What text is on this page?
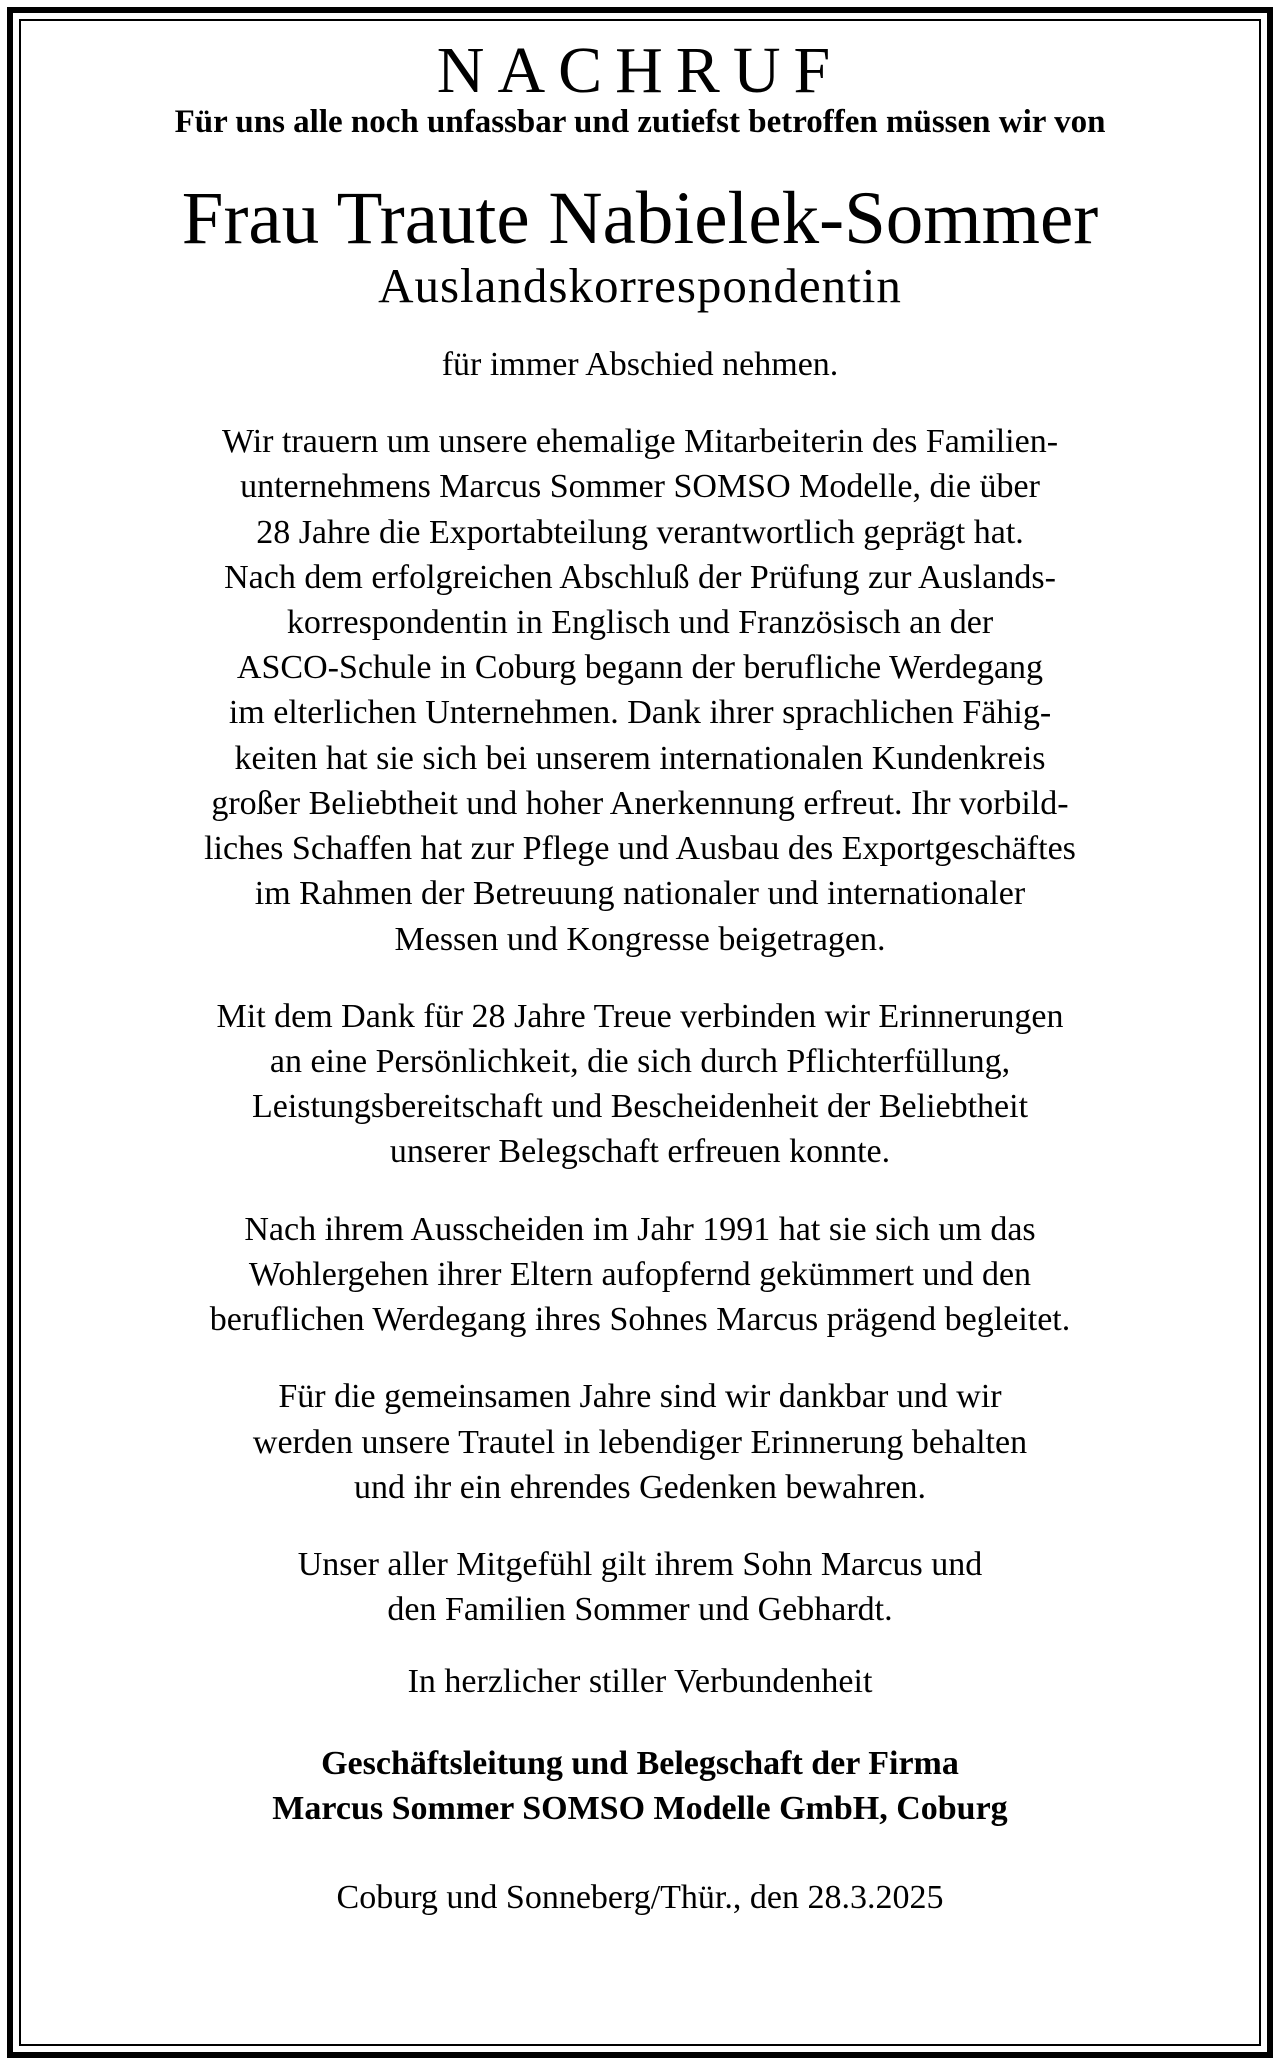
NACHRUF

Für uns alle noch unfassbar und zutiefst betroffen müssen wir von

Frau Traute Nabielek-Sommer

Auslandskorrespondentin

für immer Abschied nehmen.

Wir trauern um unsere ehemalige Mitarbeiterin des Familien-
unternehmens Marcus Sommer SOMSO Modelle, die über
28 Jahre die Exportabteilung verantwortlich geprägt hat.
Nach dem erfolgreichen Abschluß der Prüfung zur Auslands-
korrespondentin in Englisch und Französisch an der
ASCO-Schule in Coburg begann der berufliche Werdegang
im elterlichen Unternehmen. Dank ihrer sprachlichen Fähig-
keiten hat sie sich bei unserem internationalen Kundenkreis
großer Beliebtheit und hoher Anerkennung erfreut. Ihr vorbild-
liches Schaffen hat zur Pflege und Ausbau des Exportgeschäftes
im Rahmen der Betreuung nationaler und internationaler
Messen und Kongresse beigetragen.

Mit dem Dank für 28 Jahre Treue verbinden wir Erinnerungen
an eine Persönlichkeit, die sich durch Pflichterfüllung,
Leistungsbereitschaft und Bescheidenheit der Beliebtheit
unserer Belegschaft erfreuen konnte.

Nach ihrem Ausscheiden im Jahr 1991 hat sie sich um das
Wohlergehen ihrer Eltern aufopfernd gekümmert und den
beruflichen Werdegang ihres Sohnes Marcus prägend begleitet.

Für die gemeinsamen Jahre sind wir dankbar und wir
werden unsere Trautel in lebendiger Erinnerung behalten
und ihr ein ehrendes Gedenken bewahren.

Unser aller Mitgefühl gilt ihrem Sohn Marcus und
den Familien Sommer und Gebhardt.

In herzlicher stiller Verbundenheit

Geschäftsleitung und Belegschaft der Firma
Marcus Sommer SOMSO Modelle GmbH, Coburg

Coburg und Sonneberg/Thür., den 28.3.2025
